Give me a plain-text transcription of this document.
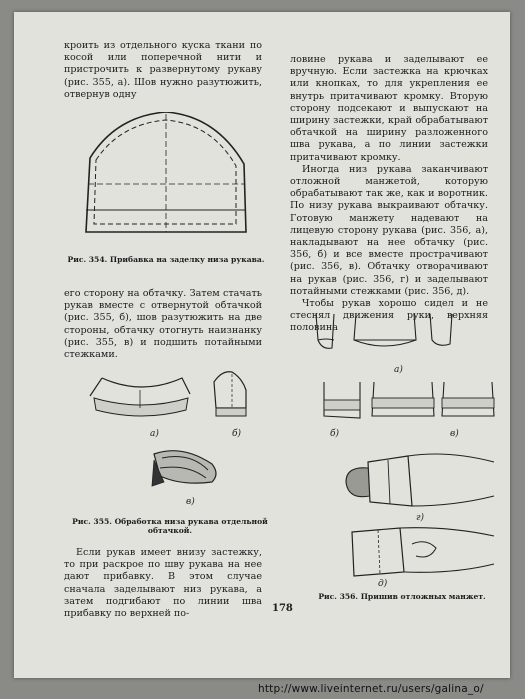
кроить из отдельного куска ткани по косой или поперечной нити и пристрочить к развернутому рукаву (рис. 355, а). Шов нужно разутюжить, отвернув одну

Рис. 354. Прибавка на заделку низа рукава.

его сторону на обтачку. Затем стачать рукав вместе с отвернутой обтачкой (рис. 355, б), шов разутюжить на две стороны, обтачку отогнуть наизнанку (рис. 355, в) и подшить потайными стежками.

а)	б)
в)
Рис. 355. Обработка низа рукава отдельной обтачкой.

Если рукав имеет внизу застежку, то при раскрое по шву рукава на нее дают прибавку. В этом случае сначала заделывают низ рукава, а затем подгибают по линии шва прибавку по верхней по-

ловине рукава и заделывают ее вручную. Если застежка на крючках или кнопках, то для укрепления ее внутрь притачивают кромку. Вторую сторону подсекают и выпускают на ширину застежки, край обрабатывают обтачкой на ширину разложенного шва рукава, а по линии застежки притачивают кромку.

Иногда низ рукава заканчивают отложной манжетой, которую обрабатывают так же, как и воротник. По низу рукава выкраивают обтачку. Готовую манжету надевают на лицевую сторону рукава (рис. 356, а), накладывают на нее обтачку (рис. 356, б) и все вместе прострачивают (рис. 356, в). Обтачку отворачивают на рукав (рис. 356, г) и заделывают потайными стежками (рис. 356, д).

Чтобы рукав хорошо сидел и не стеснял движения руки, верхняя половина

а)
б)	в)
г)
д)
Рис. 356. Пришив отложных манжет.
178
http://www.liveinternet.ru/users/galina_o/
